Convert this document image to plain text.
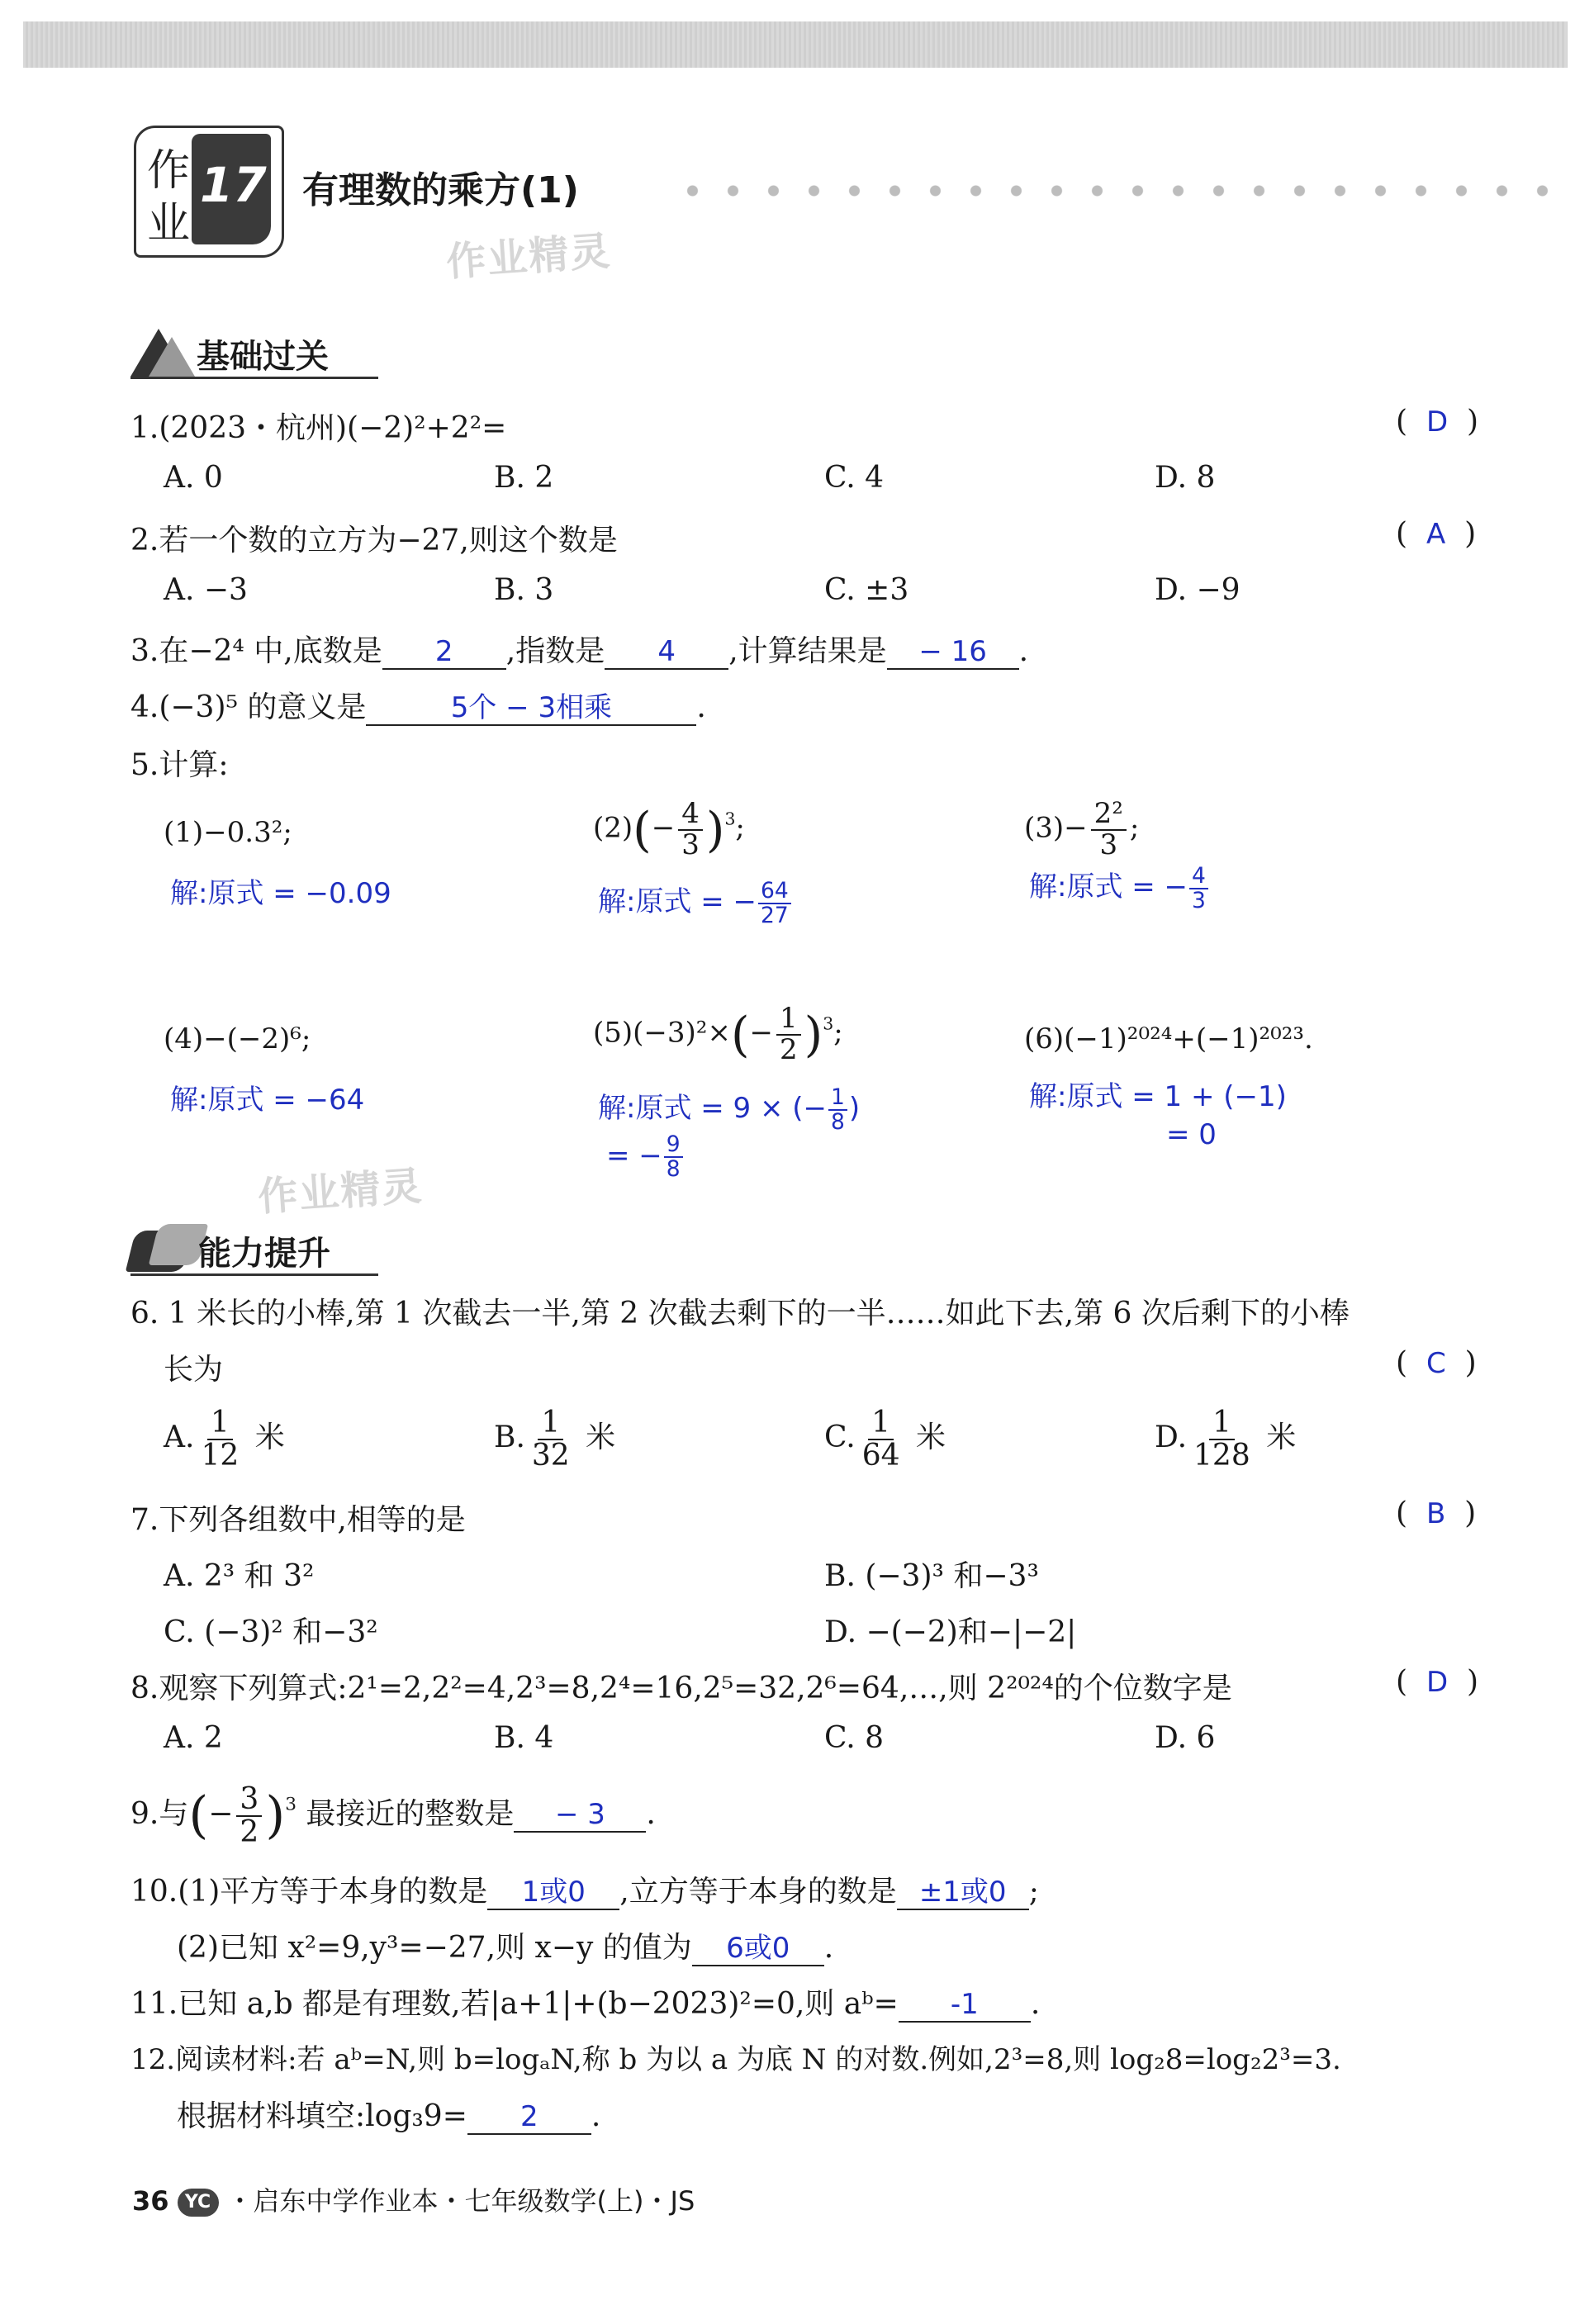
作
业
17 有理数的乘方(1)
作业精灵
作业精灵
基础过关
1.(2023・杭州)(−2)²+2²=	( D )
A. 0	B. 2	C. 4	D. 8
2.若一个数的立方为−27,则这个数是	( A )
A. −3	B. 3	C. ±3	D. −9
3.在−2⁴ 中,底数是 2 ,指数是 4 ,计算结果是 − 16 .
4.(−3)⁵ 的意义是	5个 − 3相乘	.
5.计算:
(1)−0.3²;
解:原式 = −0.09
$(2)(- \frac{4}{3} )^3$;
解:原式 = − $\frac{64}{27}$
$(3)- \frac{\text{2²}}{3}$ ;
解:原式 = − $\frac{4}{3}$
(4)−(−2)⁶;
解:原式 = −64
$(5)(-3)^2\times(- \frac{1}{2} )^3$;
解:原式 = 9 × (− $\frac{1}{8}$ )
= − $\frac{9}{8}$
(6)(−1)²⁰²⁴+(−1)²⁰²³.
解:原式 = 1 + (−1)
= 0
能力提升
6. 1 米长的小棒,第 1 次截去一半,第 2 次截去剩下的一半……如此下去,第 6 次后剩下的小棒
长为	( C )
A. $\frac{1}{12}$ 米	B. $\frac{1}{32}$ 米	C. $\frac{1}{64}$ 米	D. $\frac{1}{128}$ 米
7.下列各组数中,相等的是	( B )
A. 2³ 和 3²	B. (−3)³ 和−3³
C. (−3)² 和−3²	D. −(−2)和−|−2|
8.观察下列算式:2¹=2,2²=4,2³=8,2⁴=16,2⁵=32,2⁶=64,…,则 2²⁰²⁴的个位数字是	( D )
A. 2	B. 4	C. 8	D. 6
9.与(− $\frac{3}{2} )^3$ 最接近的整数是 − 3 .
10.(1)平方等于本身的数是 1或0 ,立方等于本身的数是 ±1或0 ;
(2)已知 x²=9,y³=−27,则 x−y 的值为 6或0 .
11.已知 a,b 都是有理数,若|a+1|+(b−2023)²=0,则 aᵇ= -1 .
12.阅读材料:若 aᵇ=N,则 b=logₐN,称 b 为以 a 为底 N 的对数.例如,2³=8,则 log₂8=log₂2³=3.
根据材料填空:log₃9= 2 .
36 YC ・启东中学作业本・七年级数学(上)・JS
